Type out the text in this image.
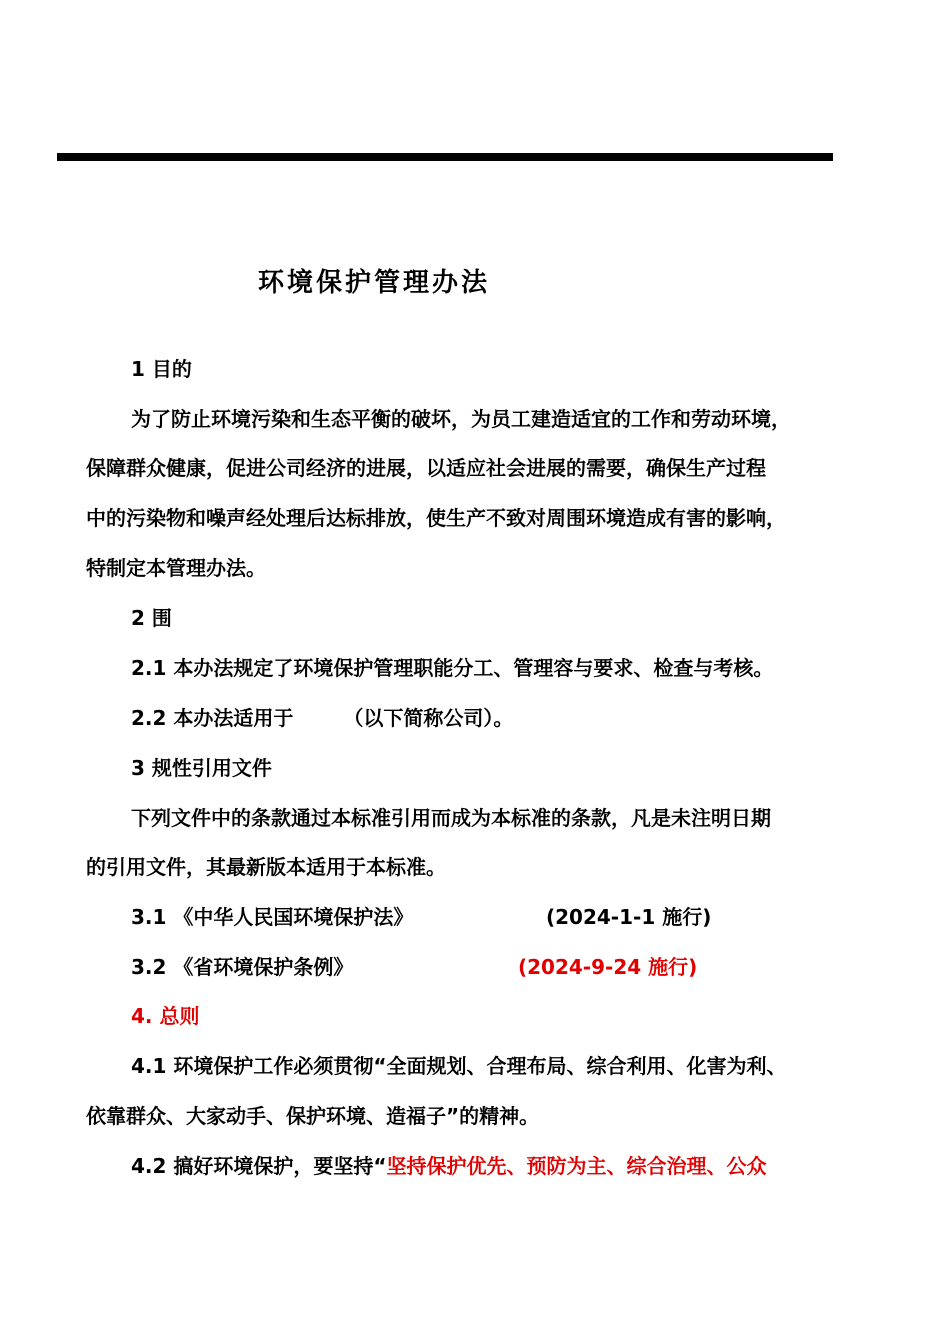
环境保护管理办法
1 目的
为了防止环境污染和生态平衡的破坏，为员工建造适宜的工作和劳动环境，
保障群众健康，促进公司经济的进展，以适应社会进展的需要，确保生产过程
中的污染物和噪声经处理后达标排放，使生产不致对周围环境造成有害的影响，
特制定本管理办法。
2 围
2.1 本办法规定了环境保护管理职能分工、管理容与要求、检查与考核。
2.2 本办法适用于	（以下简称公司）。
3 规性引用文件
下列文件中的条款通过本标准引用而成为本标准的条款，凡是未注明日期
的引用文件，其最新版本适用于本标准。
3.1 《中华人民国环境保护法》	(2024-1-1 施行)
3.2 《省环境保护条例》	(2024-9-24 施行)
4. 总则
4.1 环境保护工作必须贯彻“全面规划、合理布局、综合利用、化害为利、
依靠群众、大家动手、保护环境、造福子”的精神。
4.2 搞好环境保护，要坚持“坚持保护优先、预防为主、综合治理、公众
